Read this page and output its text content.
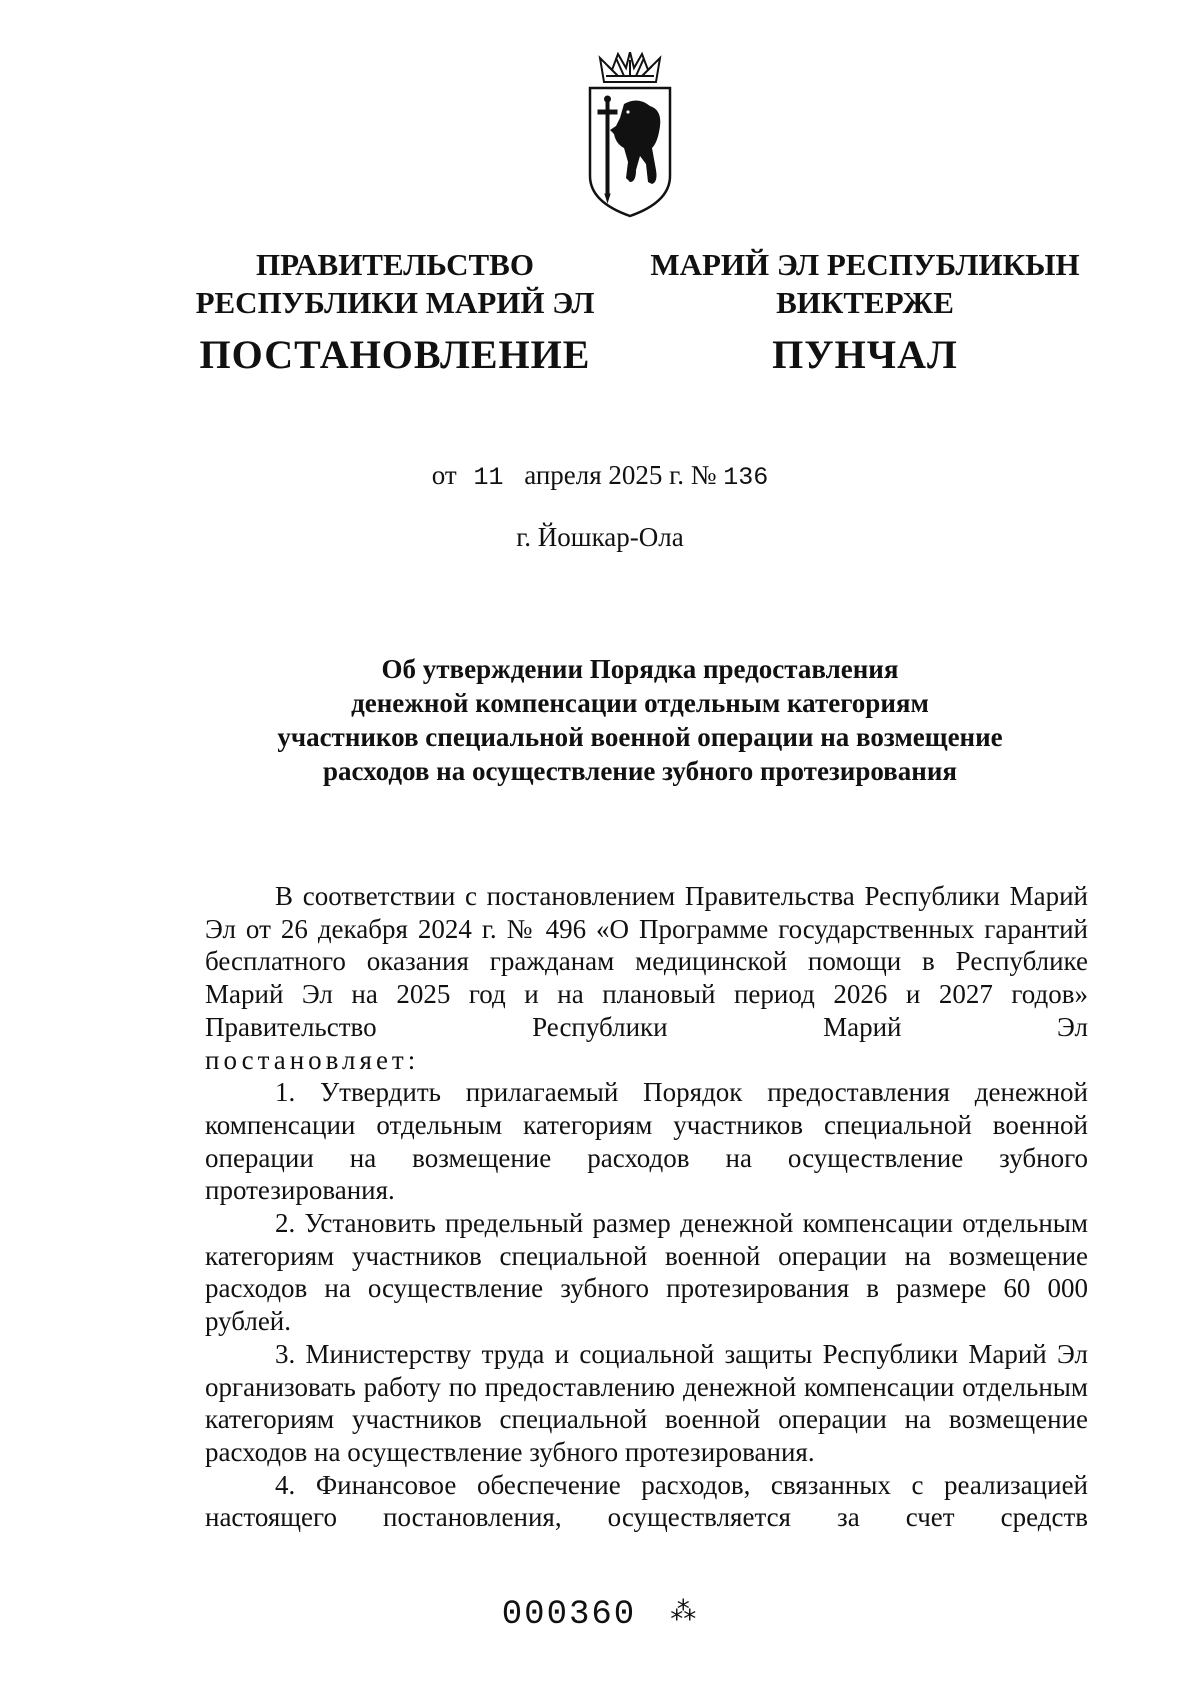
ПРАВИТЕЛЬСТВО
РЕСПУБЛИКИ МАРИЙ ЭЛ
ПОСТАНОВЛЕНИЕ
МАРИЙ ЭЛ РЕСПУБЛИКЫН
ВИКТЕРЖЕ
ПУНЧАЛ
от 11 апреля 2025 г. № 136
г. Йошкар-Ола
Об утверждении Порядка предоставления
денежной компенсации отдельным категориям
участников специальной военной операции на возмещение
расходов на осуществление зубного протезирования

В соответствии с постановлением Правительства Республики Марий Эл от 26 декабря 2024 г. № 496 «О Программе государственных гарантий бесплатного оказания гражданам медицинской помощи в Республике Марий Эл на 2025 год и на плановый период 2026 и 2027 годов» Правительство Республики Марий Эл

постановляет:

1. Утвердить прилагаемый Порядок предоставления денежной компенсации отдельным категориям участников специальной военной операции на возмещение расходов на осуществление зубного протезирования.

2. Установить предельный размер денежной компенсации отдельным категориям участников специальной военной операции на возмещение расходов на осуществление зубного протезирования в размере 60 000 рублей.

3. Министерству труда и социальной защиты Республики Марий Эл организовать работу по предоставлению денежной компенсации отдельным категориям участников специальной военной операции на возмещение расходов на осуществление зубного протезирования.

4. Финансовое обеспечение расходов, связанных с реализацией настоящего постановления, осуществляется за счет средств

000360 ⁂
